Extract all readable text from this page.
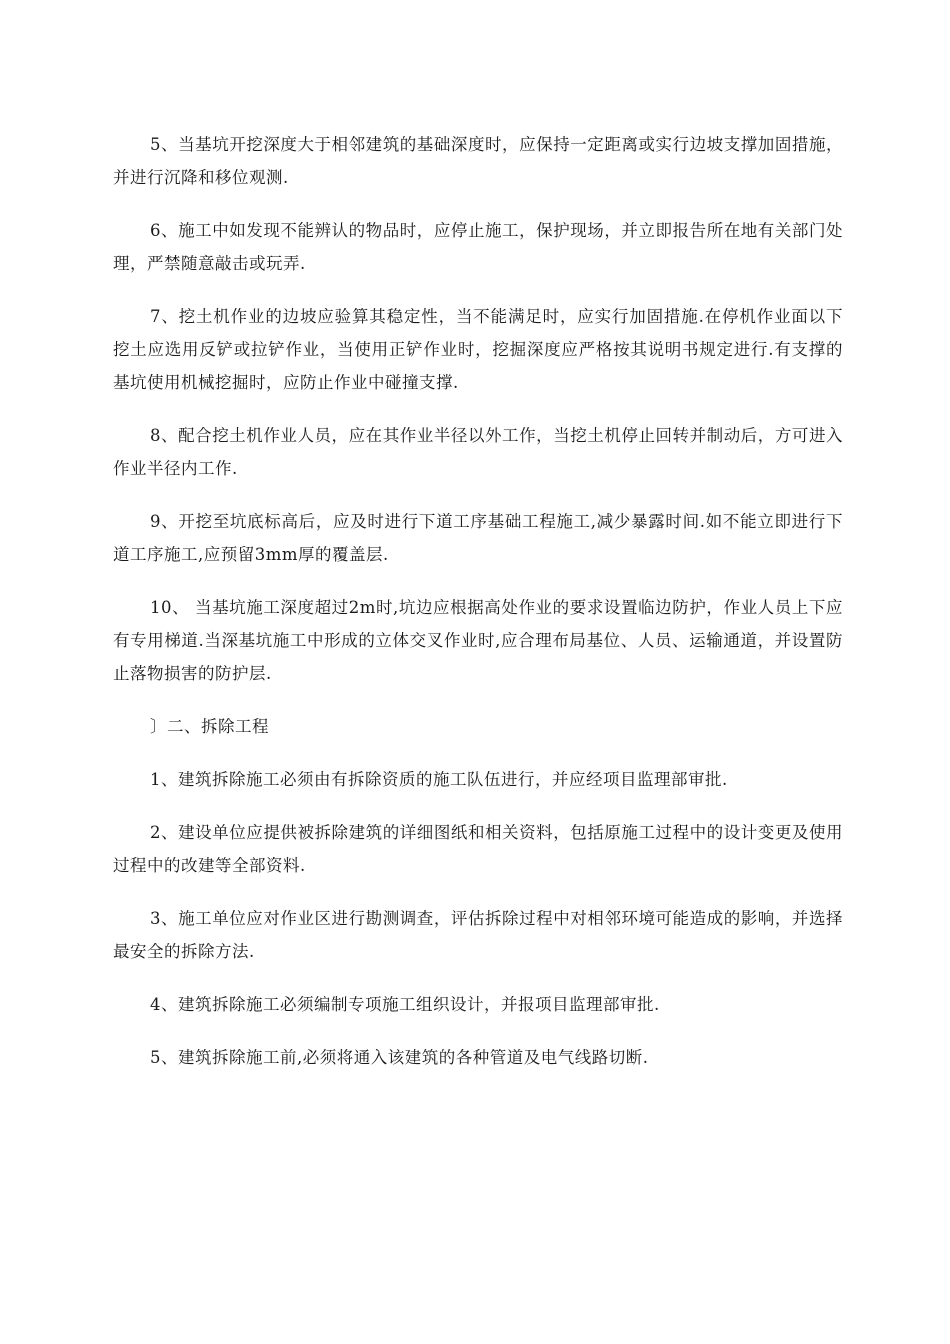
5、当基坑开挖深度大于相邻建筑的基础深度时，应保持一定距离或实行边坡支撑加固措施，并进行沉降和移位观测.

6、施工中如发现不能辨认的物品时，应停止施工，保护现场，并立即报告所在地有关部门处理，严禁随意敲击或玩弄.

7、挖土机作业的边坡应验算其稳定性，当不能满足时，应实行加固措施.在停机作业面以下挖土应选用反铲或拉铲作业，当使用正铲作业时，挖掘深度应严格按其说明书规定进行.有支撑的基坑使用机械挖掘时，应防止作业中碰撞支撑.

8、配合挖土机作业人员，应在其作业半径以外工作，当挖土机停止回转并制动后，方可进入作业半径内工作.

9、开挖至坑底标高后，应及时进行下道工序基础工程施工,减少暴露时间.如不能立即进行下道工序施工,应预留3mm厚的覆盖层.

10、 当基坑施工深度超过2m时,坑边应根据高处作业的要求设置临边防护，作业人员上下应有专用梯道.当深基坑施工中形成的立体交叉作业时,应合理布局基位、人员、运输通道，并设置防止落物损害的防护层.

〕二、拆除工程

1、建筑拆除施工必须由有拆除资质的施工队伍进行，并应经项目监理部审批.

2、建设单位应提供被拆除建筑的详细图纸和相关资料，包括原施工过程中的设计变更及使用过程中的改建等全部资料.

3、施工单位应对作业区进行勘测调查，评估拆除过程中对相邻环境可能造成的影响，并选择最安全的拆除方法.

4、建筑拆除施工必须编制专项施工组织设计，并报项目监理部审批.

5、建筑拆除施工前,必须将通入该建筑的各种管道及电气线路切断.
